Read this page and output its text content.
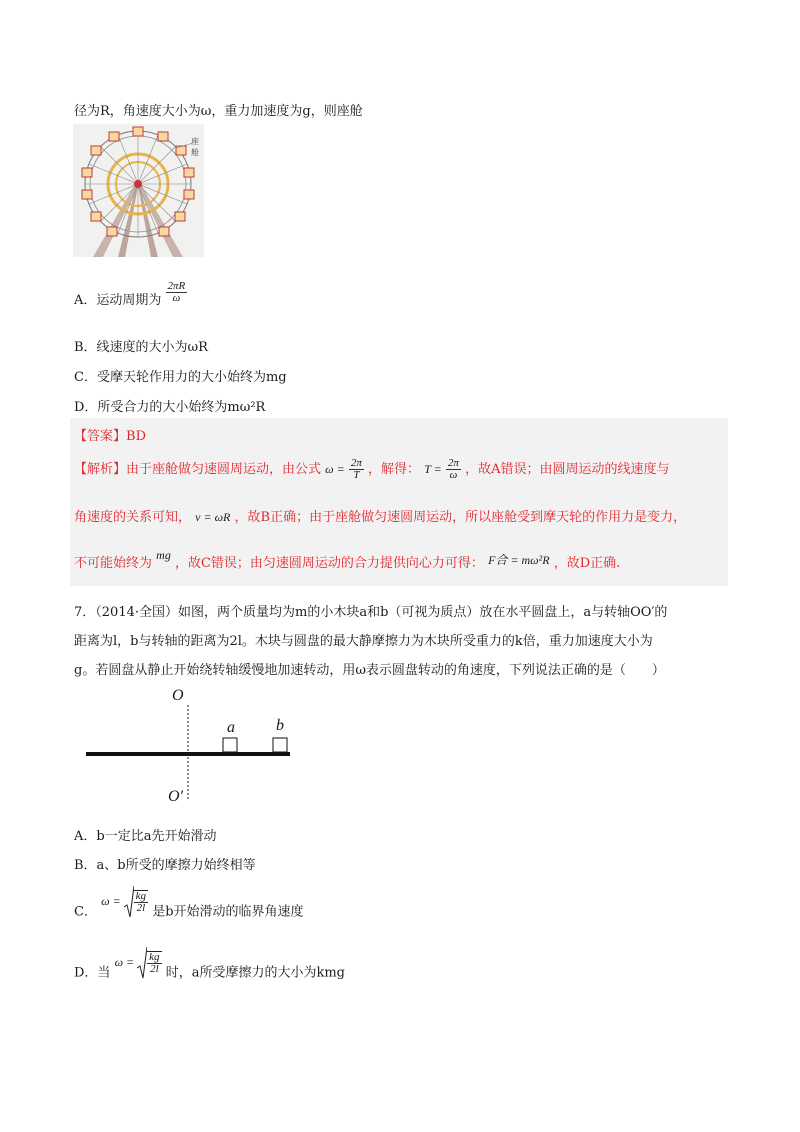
径为R，角速度大小为ω，重力加速度为g，则座舱
座舱
A．运动周期为 $\frac{2\pi R}{\omega}$
B．线速度的大小为ωR
C．受摩天轮作用力的大小始终为mg
D．所受合力的大小始终为mω²R
【答案】BD
【解析】由于座舱做匀速圆周运动，由公式 $\omega = \frac{2\pi}{T}$ ，解得： $T = \frac{2\pi}{\omega}$ ，故A错误；由圆周运动的线速度与
角速度的关系可知， v = ωR ，故B正确；由于座舱做匀速圆周运动，所以座舱受到摩天轮的作用力是变力，
不可能始终为 mg ，故C错误；由匀速圆周运动的合力提供向心力可得： F合 = mω²R ，故D正确.
7．（2014·全国）如图，两个质量均为m的小木块a和b（可视为质点）放在水平圆盘上，a与转轴OO′的
距离为l，b与转轴的距离为2l。木块与圆盘的最大静摩擦力为木块所受重力的k倍，重力加速度大小为
g。若圆盘从静止开始绕转轴缓慢地加速转动，用ω表示圆盘转动的角速度，下列说法正确的是（　　）
O
a	b
O′
A．b一定比a先开始滑动
B．a、b所受的摩擦力始终相等
C． $\omega = \frac{kg}{2l}$ 是b开始滑动的临界角速度
D．当 $\omega = \frac{kg}{2l}$ 时，a所受摩擦力的大小为kmg
